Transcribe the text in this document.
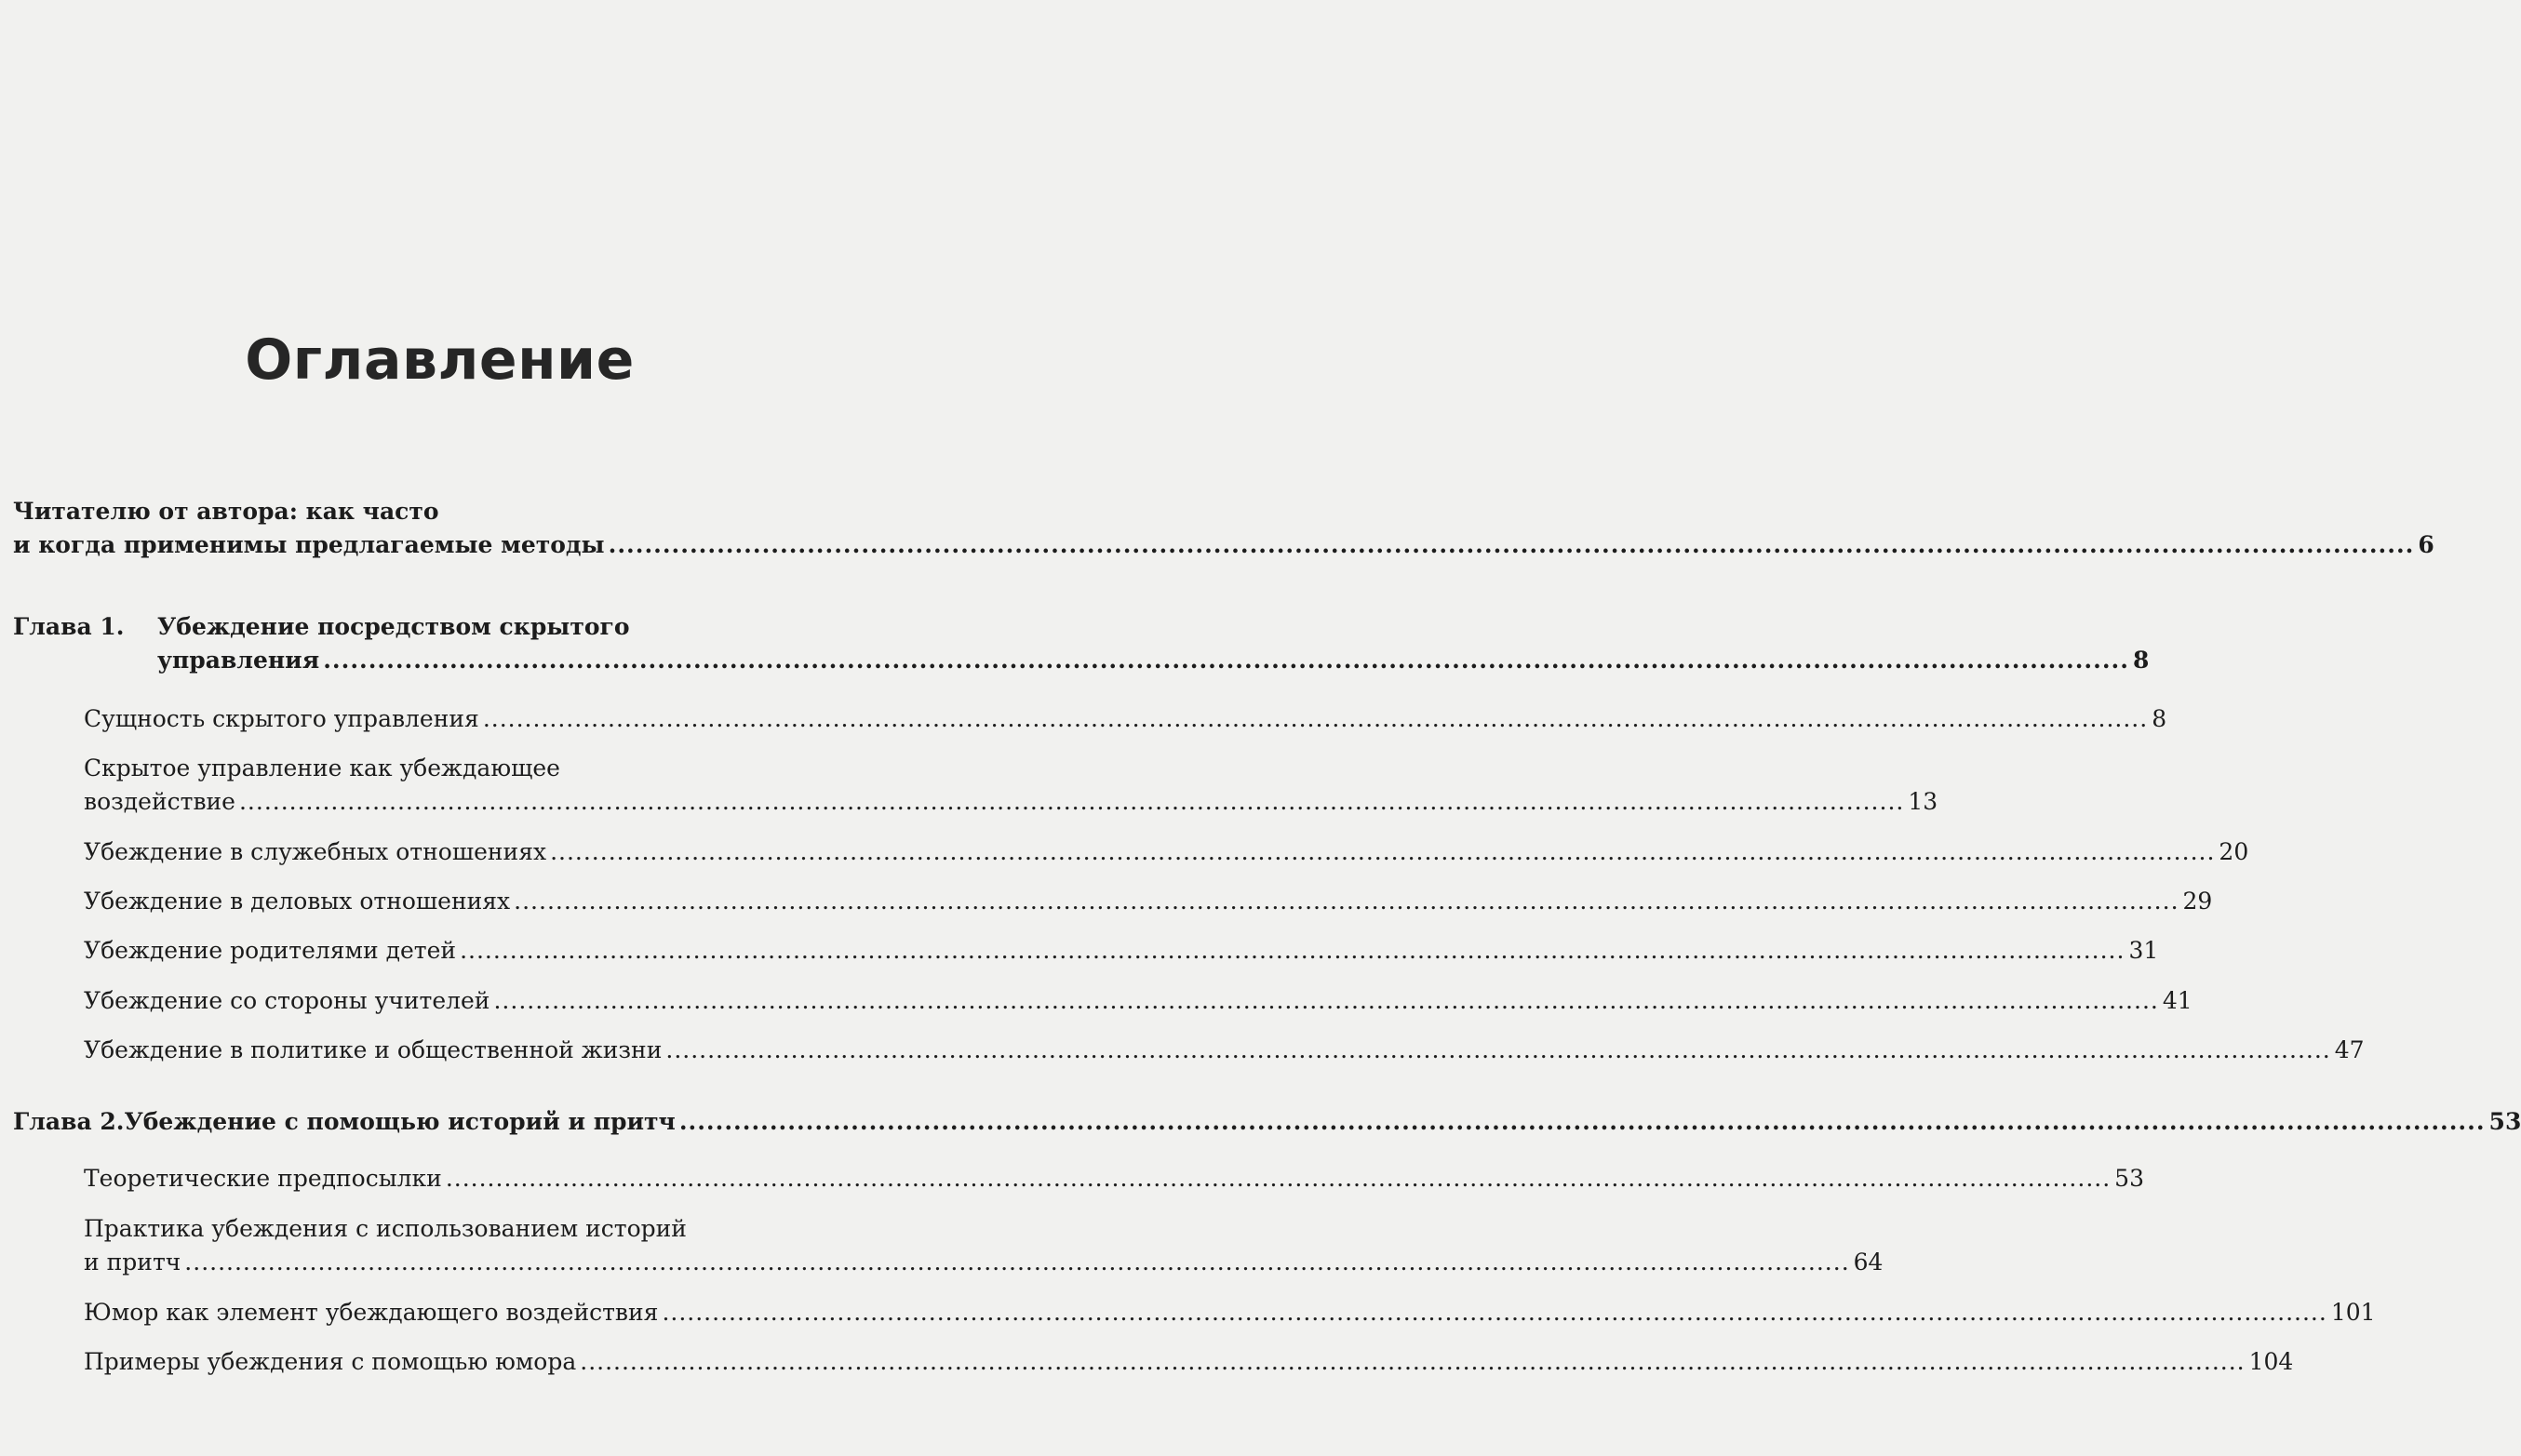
Оглавление
Читателю от автора: как часто
и когда применимы предлагаемые методы ........................................................................................................................................................................................................ 6
Глава 1. Убеждение посредством скрытого
управления ........................................................................................................................................................................................................ 8
Сущность скрытого управления ........................................................................................................................................................................................................ 8
Скрытое управление как убеждающее
воздействие ........................................................................................................................................................................................................ 13
Убеждение в служебных отношениях ........................................................................................................................................................................................................ 20
Убеждение в деловых отношениях ........................................................................................................................................................................................................ 29
Убеждение родителями детей ........................................................................................................................................................................................................ 31
Убеждение со стороны учителей ........................................................................................................................................................................................................ 41
Убеждение в политике и общественной жизни ........................................................................................................................................................................................................ 47
Глава 2. Убеждение с помощью историй и притч ........................................................................................................................................................................................................ 53
Теоретические предпосылки ........................................................................................................................................................................................................ 53
Практика убеждения с использованием историй
и притч ........................................................................................................................................................................................................ 64
Юмор как элемент убеждающего воздействия ........................................................................................................................................................................................................ 101
Примеры убеждения с помощью юмора ........................................................................................................................................................................................................ 104
